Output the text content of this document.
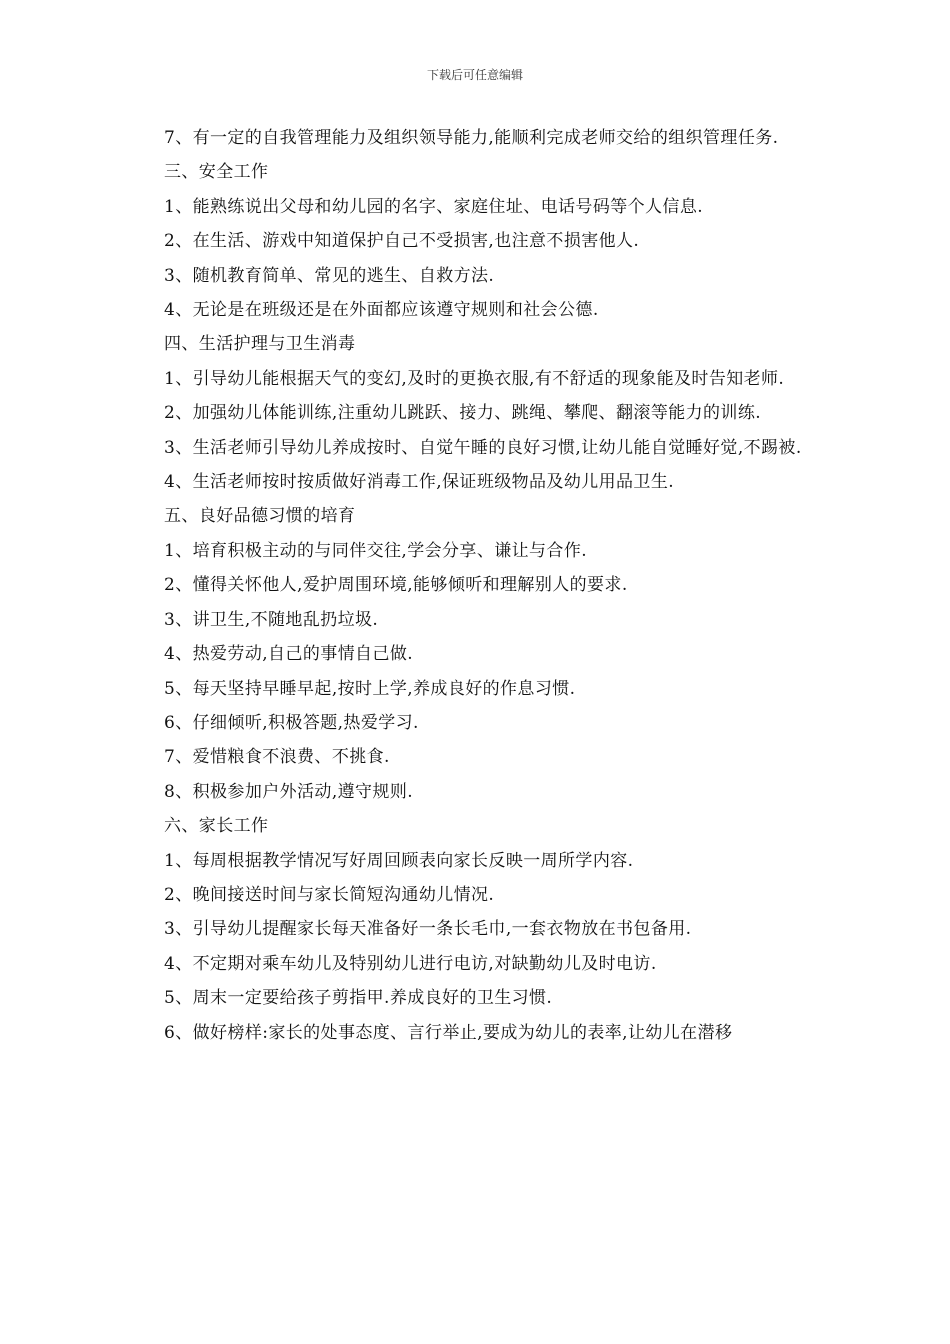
下载后可任意编辑

7、有一定的自我管理能力及组织领导能力,能顺利完成老师交给的组织管理任务.

三、安全工作

1、能熟练说出父母和幼儿园的名字、家庭住址、电话号码等个人信息.

2、在生活、游戏中知道保护自己不受损害,也注意不损害他人.

3、随机教育简单、常见的逃生、自救方法.

4、无论是在班级还是在外面都应该遵守规则和社会公德.

四、生活护理与卫生消毒

1、引导幼儿能根据天气的变幻,及时的更换衣服,有不舒适的现象能及时告知老师.

2、加强幼儿体能训练,注重幼儿跳跃、接力、跳绳、攀爬、翻滚等能力的训练.

3、生活老师引导幼儿养成按时、自觉午睡的良好习惯,让幼儿能自觉睡好觉,不踢被.

4、生活老师按时按质做好消毒工作,保证班级物品及幼儿用品卫生.

五、良好品德习惯的培育

1、培育积极主动的与同伴交往,学会分享、谦让与合作.

2、懂得关怀他人,爱护周围环境,能够倾听和理解别人的要求.

3、讲卫生,不随地乱扔垃圾.

4、热爱劳动,自己的事情自己做.

5、每天坚持早睡早起,按时上学,养成良好的作息习惯.

6、仔细倾听,积极答题,热爱学习.

7、爱惜粮食不浪费、不挑食.

8、积极参加户外活动,遵守规则.

六、家长工作

1、每周根据教学情况写好周回顾表向家长反映一周所学内容.

2、晚间接送时间与家长简短沟通幼儿情况.

3、引导幼儿提醒家长每天准备好一条长毛巾,一套衣物放在书包备用.

4、不定期对乘车幼儿及特别幼儿进行电访,对缺勤幼儿及时电访.

5、周末一定要给孩子剪指甲.养成良好的卫生习惯.

6、做好榜样:家长的处事态度、言行举止,要成为幼儿的表率,让幼儿在潜移
